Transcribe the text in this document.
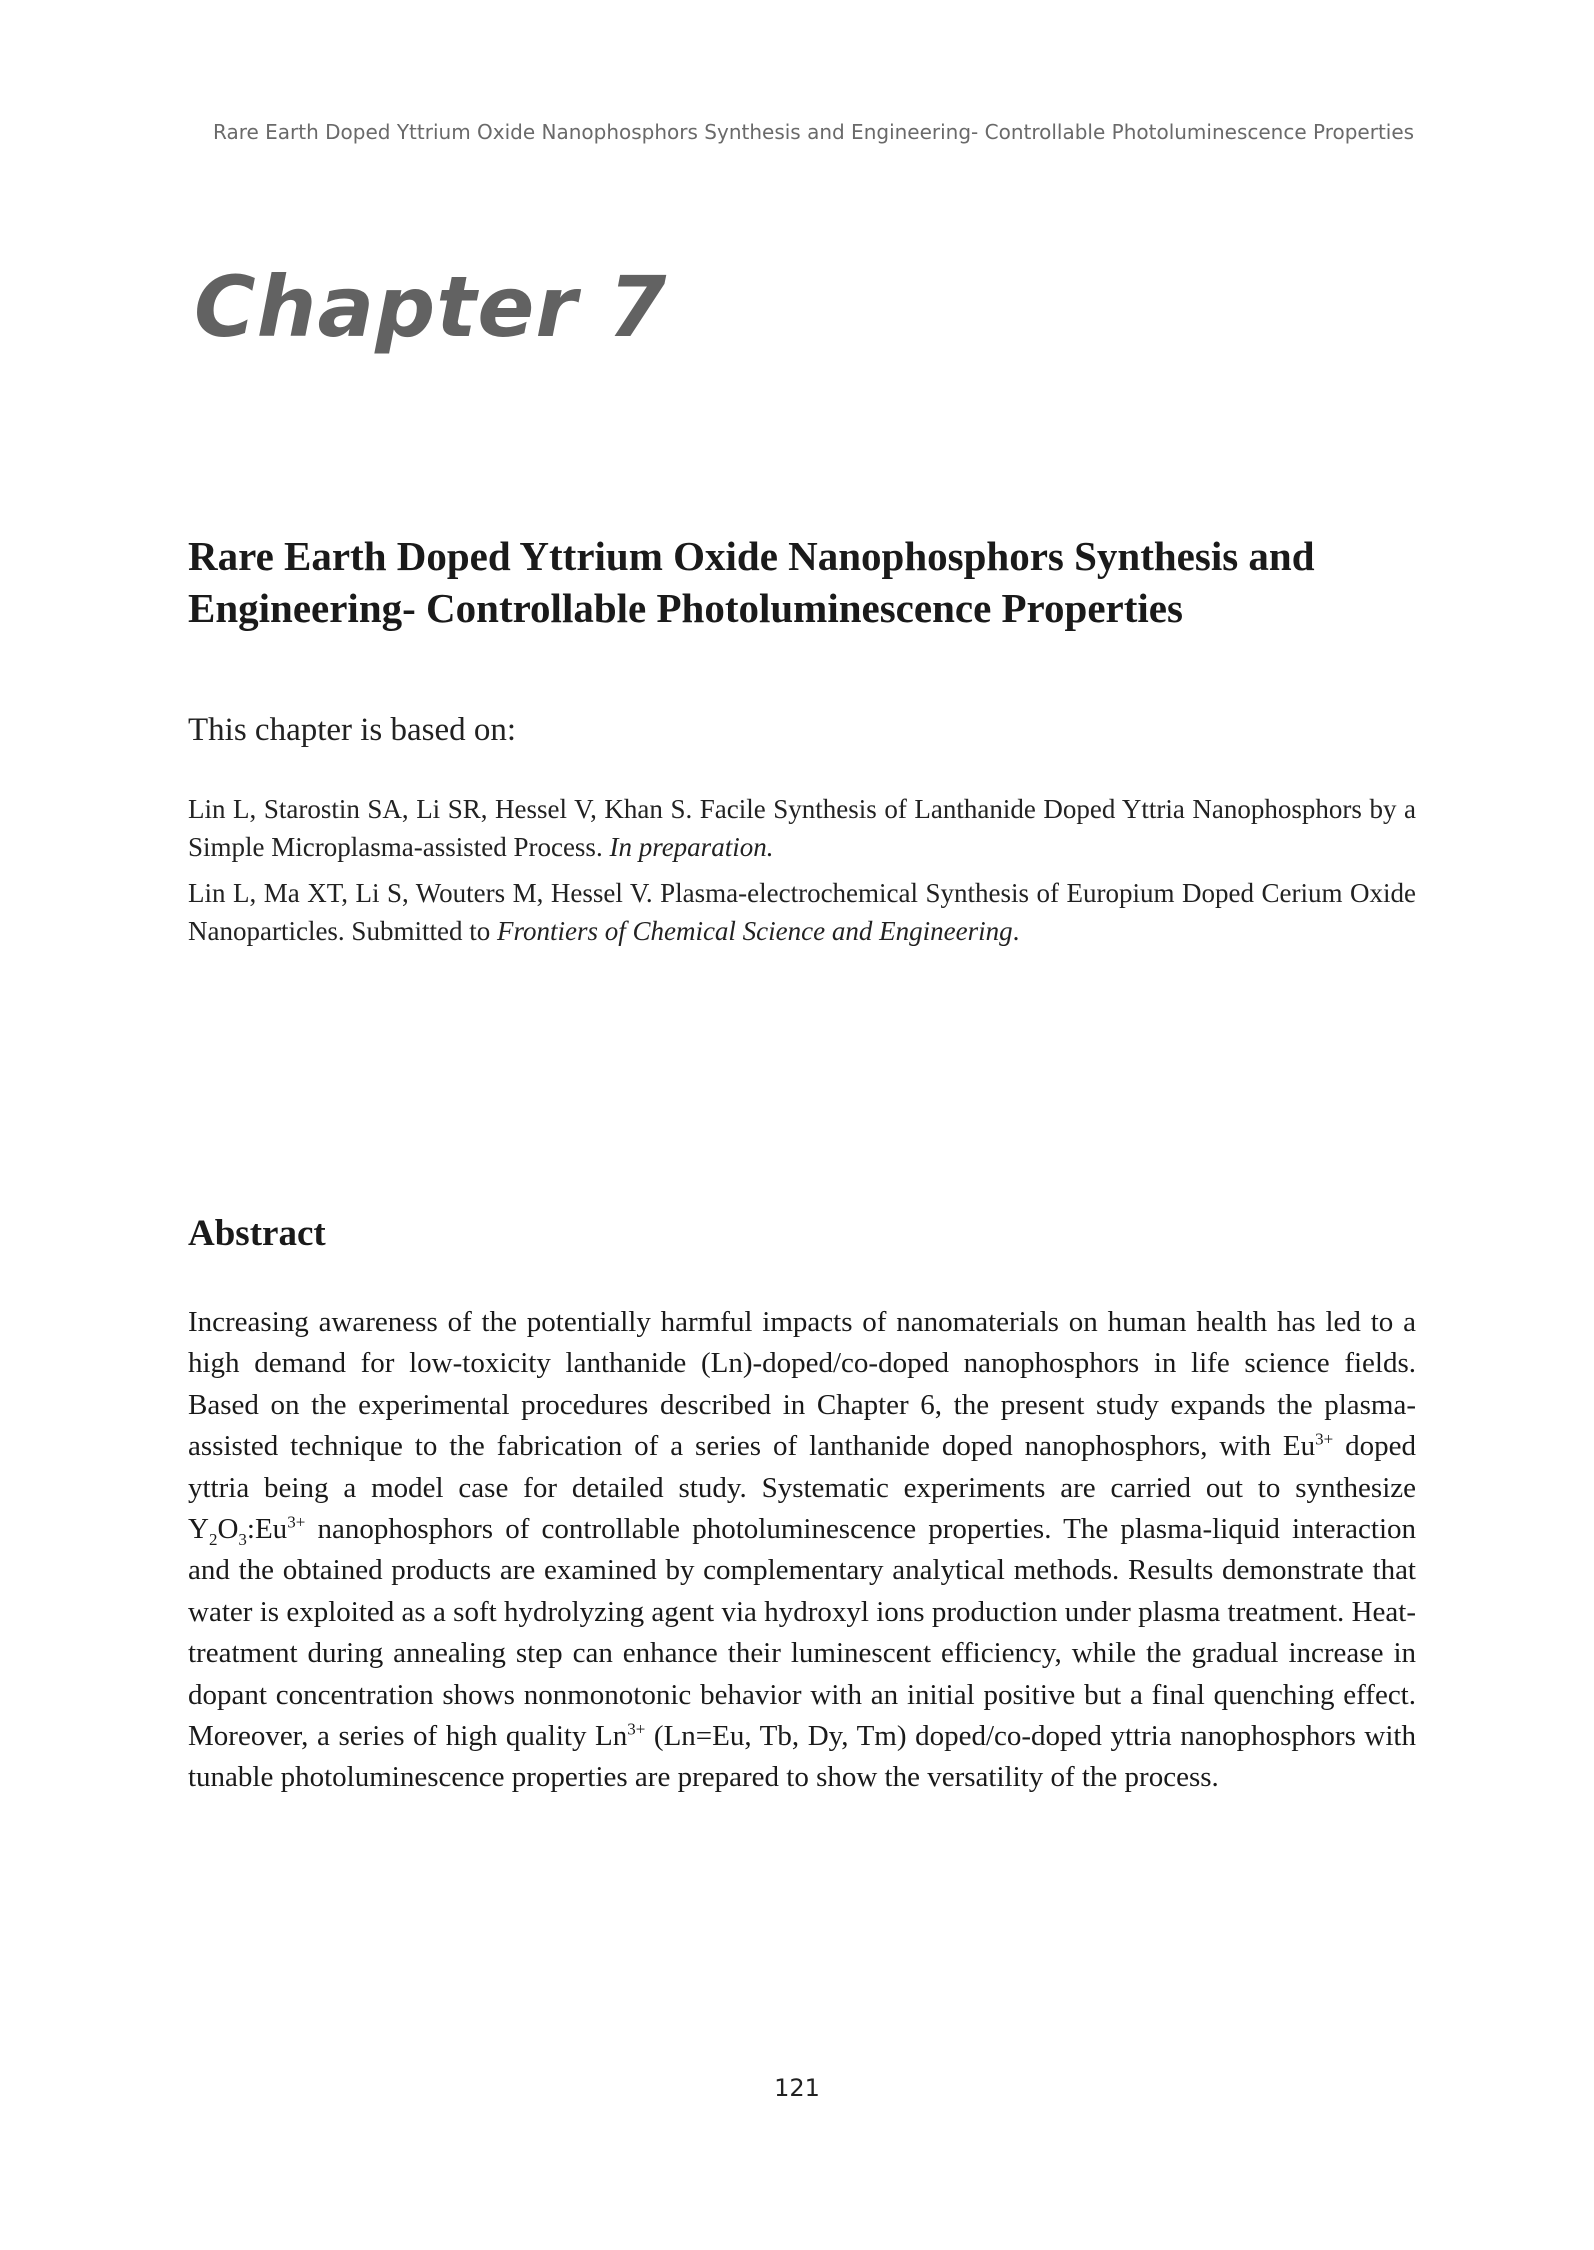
Rare Earth Doped Yttrium Oxide Nanophosphors Synthesis and Engineering- Controllable Photoluminescence Properties
Chapter 7
Rare Earth Doped Yttrium Oxide Nanophosphors Synthesis and
Engineering- Controllable Photoluminescence Properties
This chapter is based on:

Lin L, Starostin SA, Li SR, Hessel V, Khan S. Facile Synthesis of Lanthanide Doped Yttria Nanophosphors by a Simple Microplasma-assisted Process. In preparation.

Lin L, Ma XT, Li S, Wouters M, Hessel V. Plasma-electrochemical Synthesis of Europium Doped Cerium Oxide Nanoparticles. Submitted to Frontiers of Chemical Science and Engineering.

Abstract
Increasing awareness of the potentially harmful impacts of nanomaterials on human health has led to a high demand for low-toxicity lanthanide (Ln)-doped/co-doped nanophosphors in life science fields. Based on the experimental procedures described in Chapter 6, the present study expands the plasma-assisted technique to the fabrication of a series of lanthanide doped nanophosphors, with $Eu^{3+}$ doped yttria being a model case for detailed study. Systematic experiments are carried out to synthesize $Y_2O_3:Eu^{3+}$ nanophosphors of controllable photoluminescence properties. The plasma-liquid interaction and the obtained products are examined by complementary analytical methods. Results demonstrate that water is exploited as a soft hydrolyzing agent via hydroxyl ions production under plasma treatment. Heat-treatment during annealing step can enhance their luminescent efficiency, while the gradual increase in dopant concentration shows nonmonotonic behavior with an initial positive but a final quenching effect. Moreover, a series of high quality $Ln^{3+}$ (Ln=Eu, Tb, Dy, Tm) doped/co-doped yttria nanophosphors with tunable photoluminescence properties are prepared to show the versatility of the process.
121
